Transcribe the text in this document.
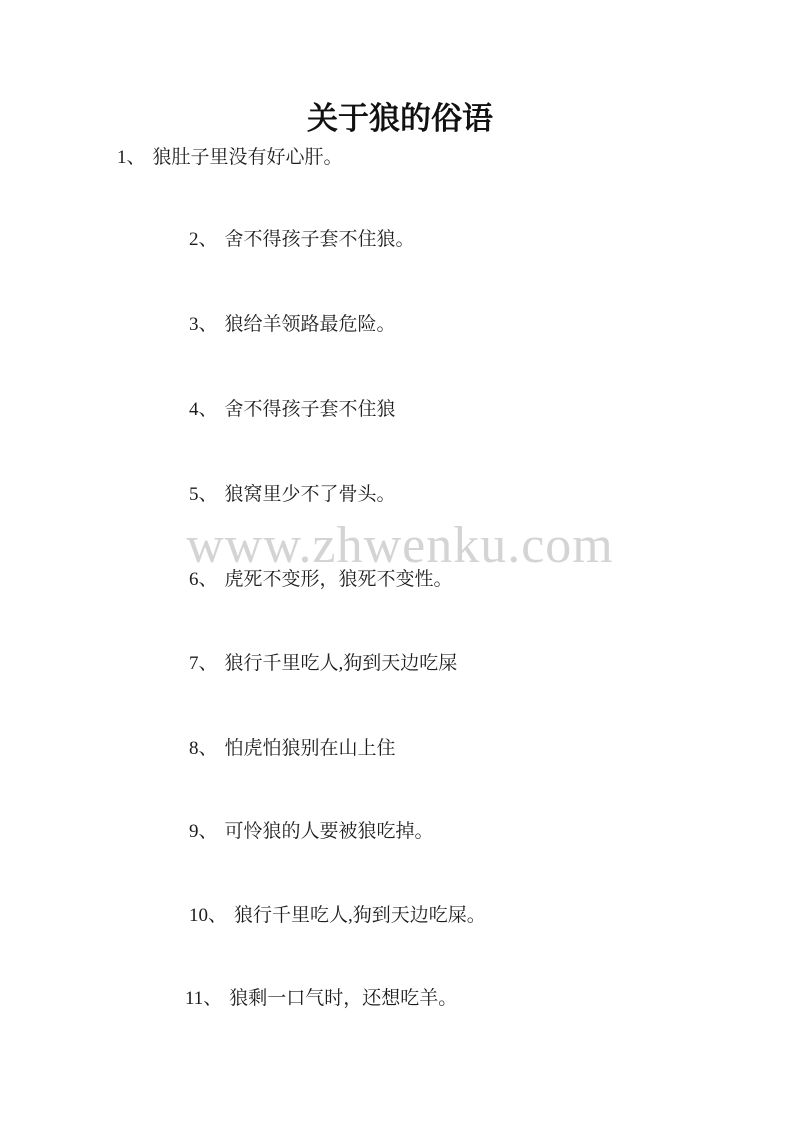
关于狼的俗语
1、 狼肚子里没有好心肝。
2、 舍不得孩子套不住狼。
3、 狼给羊领路最危险。
4、 舍不得孩子套不住狼
5、 狼窝里少不了骨头。
www.zhwenku.com
6、 虎死不变形，狼死不变性。
7、 狼行千里吃人,狗到天边吃屎
8、 怕虎怕狼别在山上住
9、 可怜狼的人要被狼吃掉。
10、 狼行千里吃人,狗到天边吃屎。
11、 狼剩一口气时，还想吃羊。
